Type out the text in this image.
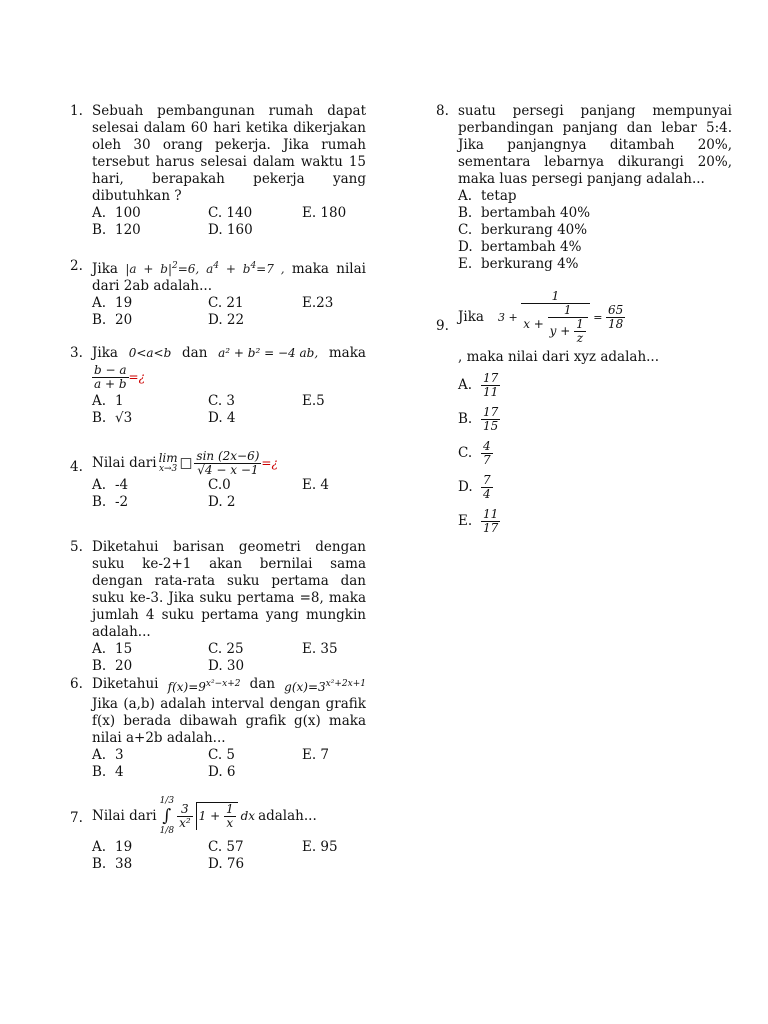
1. Sebuah pembangunan rumah dapat selesai dalam 60 hari ketika dikerjakan oleh 30 orang pekerja. Jika rumah tersebut harus selesai dalam waktu 15 hari, berapakah pekerja yang dibutuhkan ?
A. 100	C. 140	E. 180
B. 120	D. 160
2. Jika $|a + b|^2=6$, $a^4 + b^4=7$ , maka nilai dari 2ab adalah...
A. 19	C. 21	E.23
B. 20	D. 22
3. Jika 0<a<b dan a² + b² = −4 ab, maka
$\frac{b - a}{a + b}$ =¿
A. 1	C. 3	E.5
B. √3	D. 4
4. Nilai dari lim
x→3 □ $\frac{\sin (2x-6)}{√4 - x -1}$ =¿
A. -4	C.0	E. 4
B. -2	D. 2
5. Diketahui barisan geometri dengan suku ke-2+1 akan bernilai sama dengan rata-rata suku pertama dan suku ke-3. Jika suku pertama =8, maka jumlah 4 suku pertama yang mungkin adalah...
A. 15	C. 25	E. 35
B. 20	D. 30
6. Diketahui $f(x)=9^{x^2-x+2}$ dan $g(x)=3^{x^2+2x+1}$
Jika (a,b) adalah interval dengan grafik f(x) berada dibawah grafik g(x) maka nilai a+2b adalah...
A. 3	C. 5	E. 7
B. 4	D. 6
7. Nilai dari
1/3
∫
1/8
$\frac{3}{\text{x²}} 1 + \frac{1}{x}$ dx adalah...
A. 19	C. 57	E. 95
B. 38	D. 76
8. suatu persegi panjang mempunyai perbandingan panjang dan lebar 5:4. Jika panjangnya ditambah 20%, sementara lebarnya dikurangi 20%, maka luas persegi panjang adalah...
A. tetap
B. bertambah 40%
C. berkurang 40%
D. bertambah 4%
E. berkurang 4%
9.
Jika $3 + \frac{1}{x + \frac{1}{y + \frac{1}{z}}} = \frac{65}{18}$
, maka nilai dari xyz adalah...
A. $\frac{17}{11}$
B. $\frac{17}{15}$
C. $\frac{4}{7}$
D. $\frac{7}{4}$
E. $\frac{11}{17}$
